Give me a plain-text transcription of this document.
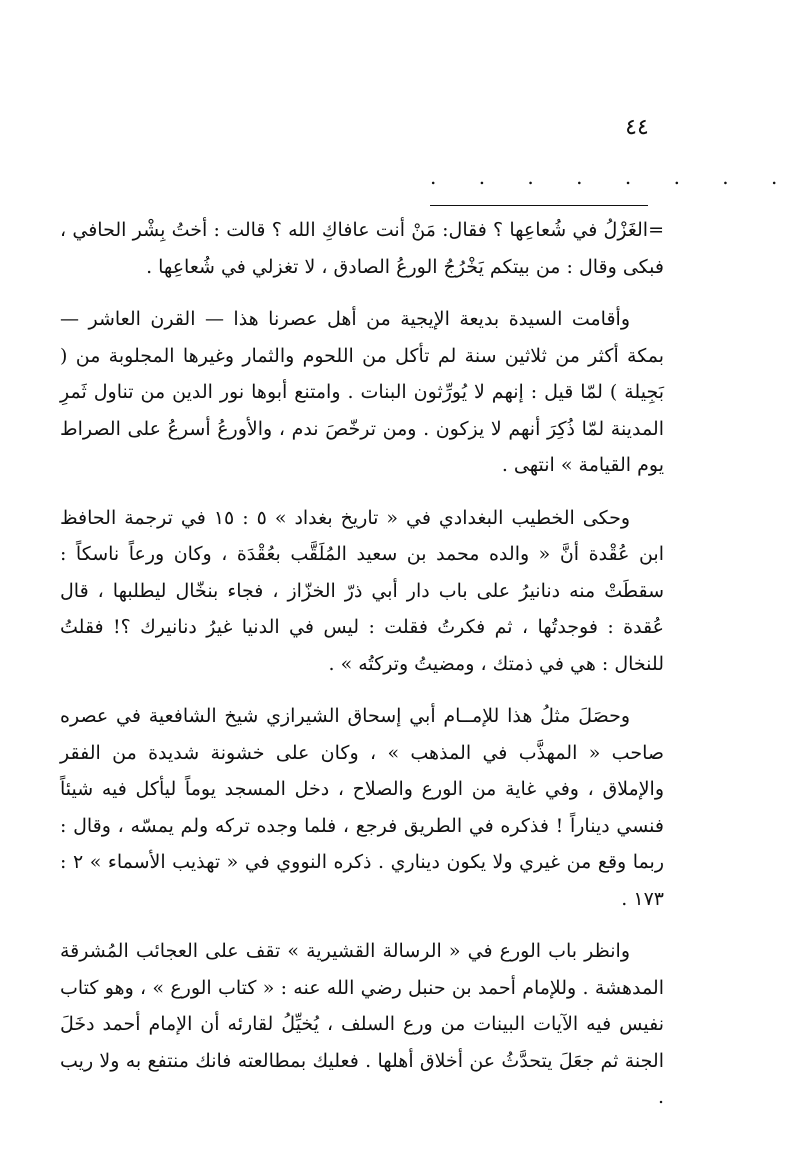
٤٤
. . . . . . . .

=الغَزْلُ في شُعاعِها ؟ فقال: مَنْ أنت عافاكِ الله ؟ قالت : أختُ بِشْر الحافي ، فبكى وقال : من بيتكم يَخْرُجُ الورعُ الصادق ، لا تغزلي في شُعاعِها .

وأقامت السيدة بديعة الإيجية من أهل عصرنا هذا — القرن العاشر — بمكة أكثر من ثلاثين سنة لم تأكل من اللحوم والثمار وغيرها المجلوبة من ( بَجِيلة ) لمّا قيل : إنهم لا يُورِّثون البنات . وامتنع أبوها نور الدين من تناول ثَمرِ المدينة لمّا ذُكِرَ أنهم لا يزكون . ومن ترخّصَ ندم ، والأورعُ أسرعُ على الصراط يوم القيامة » انتهى .

وحكى الخطيب البغدادي في « تاريخ بغداد » ٥ : ١٥ في ترجمة الحافظ ابن عُقْدة أنَّ « والده محمد بن سعيد المُلَقَّب بعُقْدَة ، وكان ورعاً ناسكاً : سقطَتْ منه دنانيرُ على باب دار أبي ذرّ الخزّاز ، فجاء بنخّال ليطلبها ، قال عُقدة : فوجدتُها ، ثم فكرتُ فقلت : ليس في الدنيا غيرُ دنانيرك ؟! فقلتُ للنخال : هي في ذمتك ، ومضيتُ وتركتُه » .

وحصَلَ مثلُ هذا للإمــام أبي إسحاق الشيرازي شيخ الشافعية في عصره صاحب « المهذَّب في المذهب » ، وكان على خشونة شديدة من الفقر والإملاق ، وفي غاية من الورع والصلاح ، دخل المسجد يوماً ليأكل فيه شيئاً فنسي ديناراً ! فذكره في الطريق فرجع ، فلما وجده تركه ولم يمسّه ، وقال : ربما وقع من غيري ولا يكون ديناري . ذكره النووي في « تهذيب الأسماء » ٢ : ١٧٣ .

وانظر باب الورع في « الرسالة القشيرية » تقف على العجائب المُشرقة المدهشة . وللإمام أحمد بن حنبل رضي الله عنه : « كتاب الورع » ، وهو كتاب نفيس فيه الآيات البينات من ورع السلف ، يُخيِّلُ لقارئه أن الإمام أحمد دخَلَ الجنة ثم جعَلَ يتحدَّثُ عن أخلاق أهلها . فعليك بمطالعته فانك منتفع به ولا ريب .
